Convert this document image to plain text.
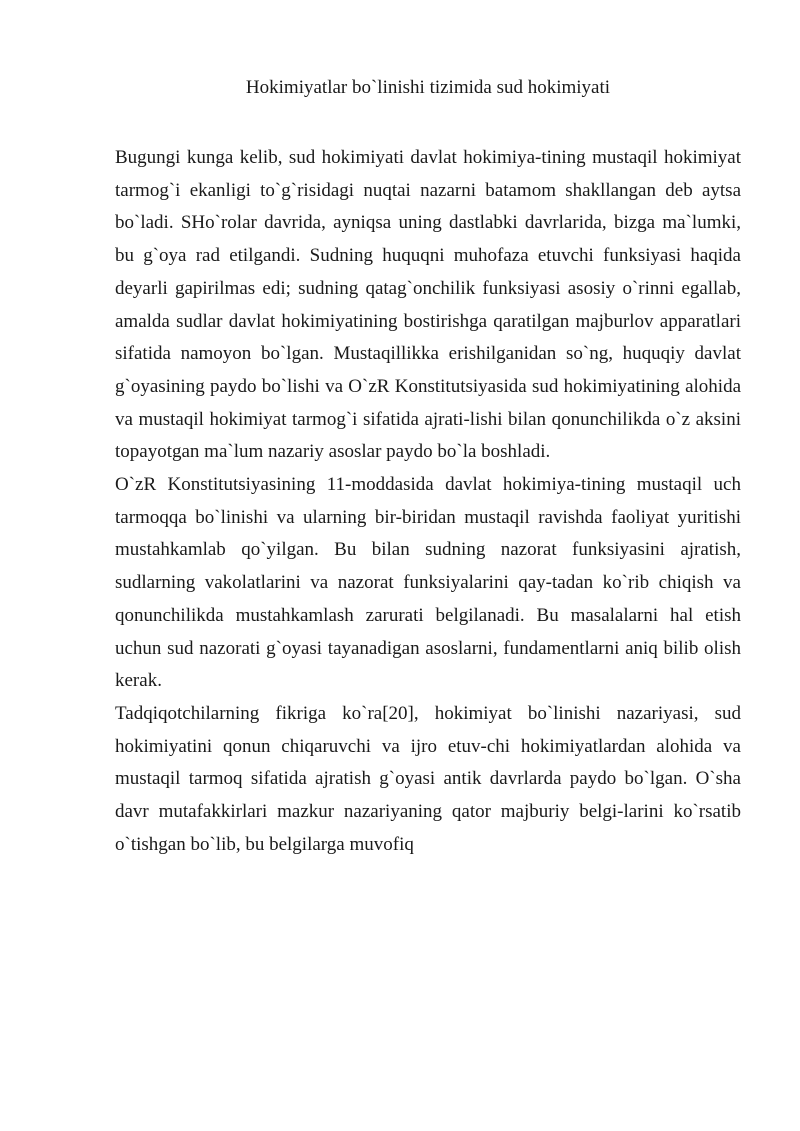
Hokimiyatlar bo`linishi tizimida sud hokimiyati

Bugungi kunga kelib, sud hokimiyati davlat hokimiya-tining mustaqil hokimiyat tarmog`i ekanligi to`g`risidagi nuqtai nazarni batamom shakllangan deb aytsa bo`ladi. SHo`rolar davrida, ayniqsa uning dastlabki davrlarida, bizga ma`lumki, bu g`oya rad etilgandi. Sudning huquqni muhofaza etuvchi funksiyasi haqida deyarli gapirilmas edi; sudning qatag`onchilik funksiyasi asosiy o`rinni egallab, amalda sudlar davlat hokimiyatining bostirishga qaratilgan majburlov apparatlari sifatida namoyon bo`lgan. Mustaqillikka erishilganidan so`ng, huquqiy davlat g`oyasining paydo bo`lishi va O`zR Konstitutsiyasida sud hokimiyatining alohida va mustaqil hokimiyat tarmog`i sifatida ajrati-lishi bilan qonunchilikda o`z aksini topayotgan ma`lum nazariy asoslar paydo bo`la boshladi.

O`zR Konstitutsiyasining 11-moddasida davlat hokimiya-tining mustaqil uch tarmoqqa bo`linishi va ularning bir-biridan mustaqil ravishda faoliyat yuritishi mustahkamlab qo`yilgan. Bu bilan sudning nazorat funksiyasini ajratish, sudlarning vakolatlarini va nazorat funksiyalarini qay-tadan ko`rib chiqish va qonunchilikda mustahkamlash zarurati belgilanadi. Bu masalalarni hal etish uchun sud nazorati g`oyasi tayanadigan asoslarni, fundamentlarni aniq bilib olish kerak.

Tadqiqotchilarning fikriga ko`ra[20], hokimiyat bo`linishi nazariyasi, sud hokimiyatini qonun chiqaruvchi va ijro etuv-chi hokimiyatlardan alohida va mustaqil tarmoq sifatida ajratish g`oyasi antik davrlarda paydo bo`lgan. O`sha davr mutafakkirlari mazkur nazariyaning qator majburiy belgi-larini ko`rsatib o`tishgan bo`lib, bu belgilarga muvofiq
